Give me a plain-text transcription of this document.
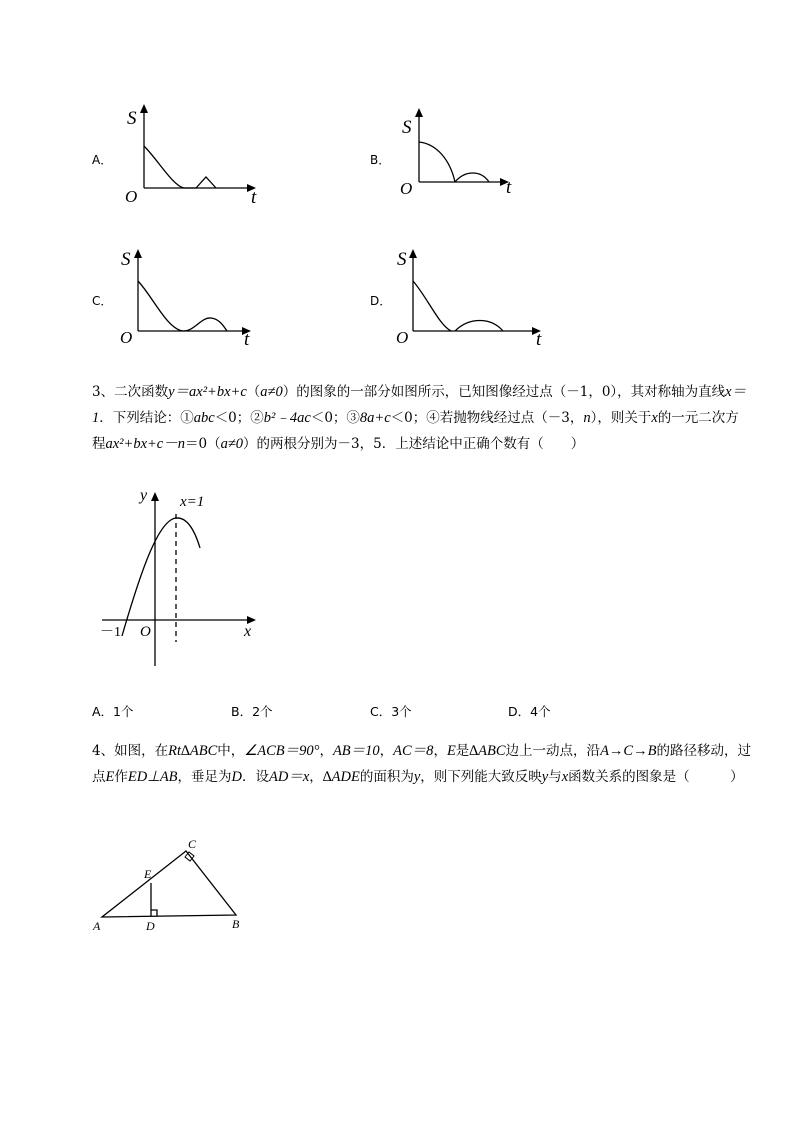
A．
S
O	t
B．
S
O	t
C．
S
O	t
D．
S
O	t
3、二次函数y＝ax²+bx+c（a≠0）的图象的一部分如图所示，已知图像经过点（－1，0），其对称轴为直线x＝1．下列结论：①abc＜0；②b²﹣4ac＜0；③8a+c＜0；④若抛物线经过点（－3，n），则关于x的一元二次方程ax²+bx+c－n＝0（a≠0）的两根分别为－3，5．上述结论中正确个数有（　　）
y x=1
x
O
－1
A．1个	B．2个	C．3个	D．4个
4、如图，在Rt∆ABC中，∠ACB＝90°，AB＝10，AC＝8，E是∆ABC边上一动点，沿A→C→B的路径移动，过点E作ED⊥AB，垂足为D．设AD＝x，∆ADE的面积为y，则下列能大致反映y与x函数关系的图象是（　　　）
C
E
A	D	B
